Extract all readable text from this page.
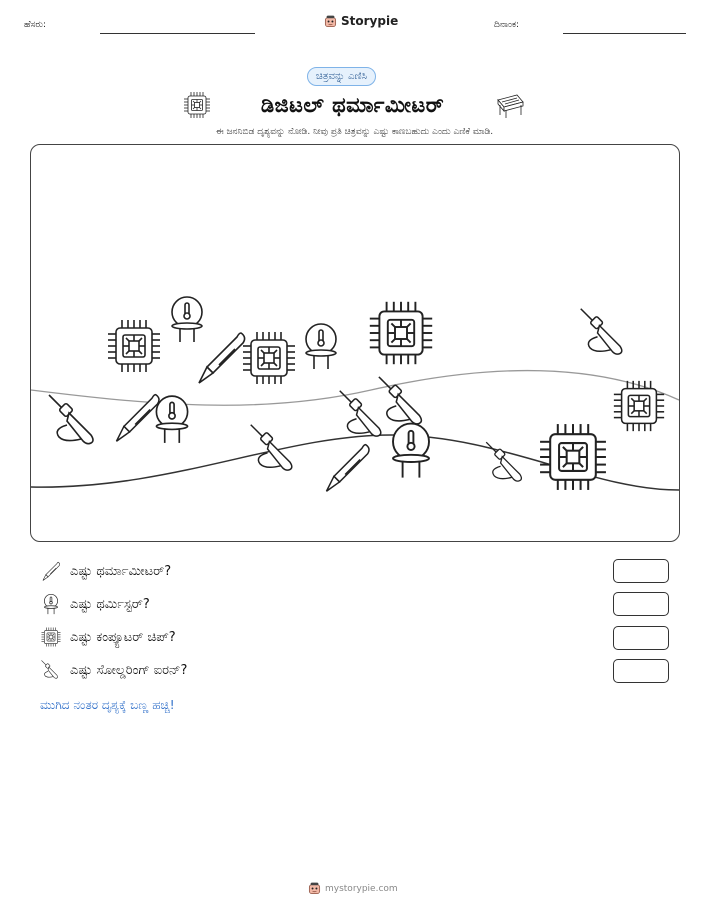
ಹೆಸರು:	Storypie	ದಿನಾಂಕ:
ಚಿತ್ರವನ್ನು ಎಣಿಸಿ
ಡಿಜಿಟಲ್ ಥರ್ಮಾಮೀಟರ್
ಈ ಜನನಿಬಿಡ ದೃಶ್ಯವನ್ನು ನೋಡಿ. ನೀವು ಪ್ರತಿ ಚಿತ್ರವನ್ನು ಎಷ್ಟು ಕಾಣಬಹುದು ಎಂದು ಎಣಿಕೆ ಮಾಡಿ.
ಎಷ್ಟು ಥರ್ಮಾಮೀಟರ್?
ಎಷ್ಟು ಥರ್ಮಿಸ್ಟರ್?
ಎಷ್ಟು ಕಂಪ್ಯೂಟರ್ ಚಿಪ್?
ಎಷ್ಟು ಸೋಲ್ಡರಿಂಗ್ ಐರನ್?
ಮುಗಿದ ನಂತರ ದೃಶ್ಯಕ್ಕೆ ಬಣ್ಣ ಹಚ್ಚಿ!
mystorypie.com
